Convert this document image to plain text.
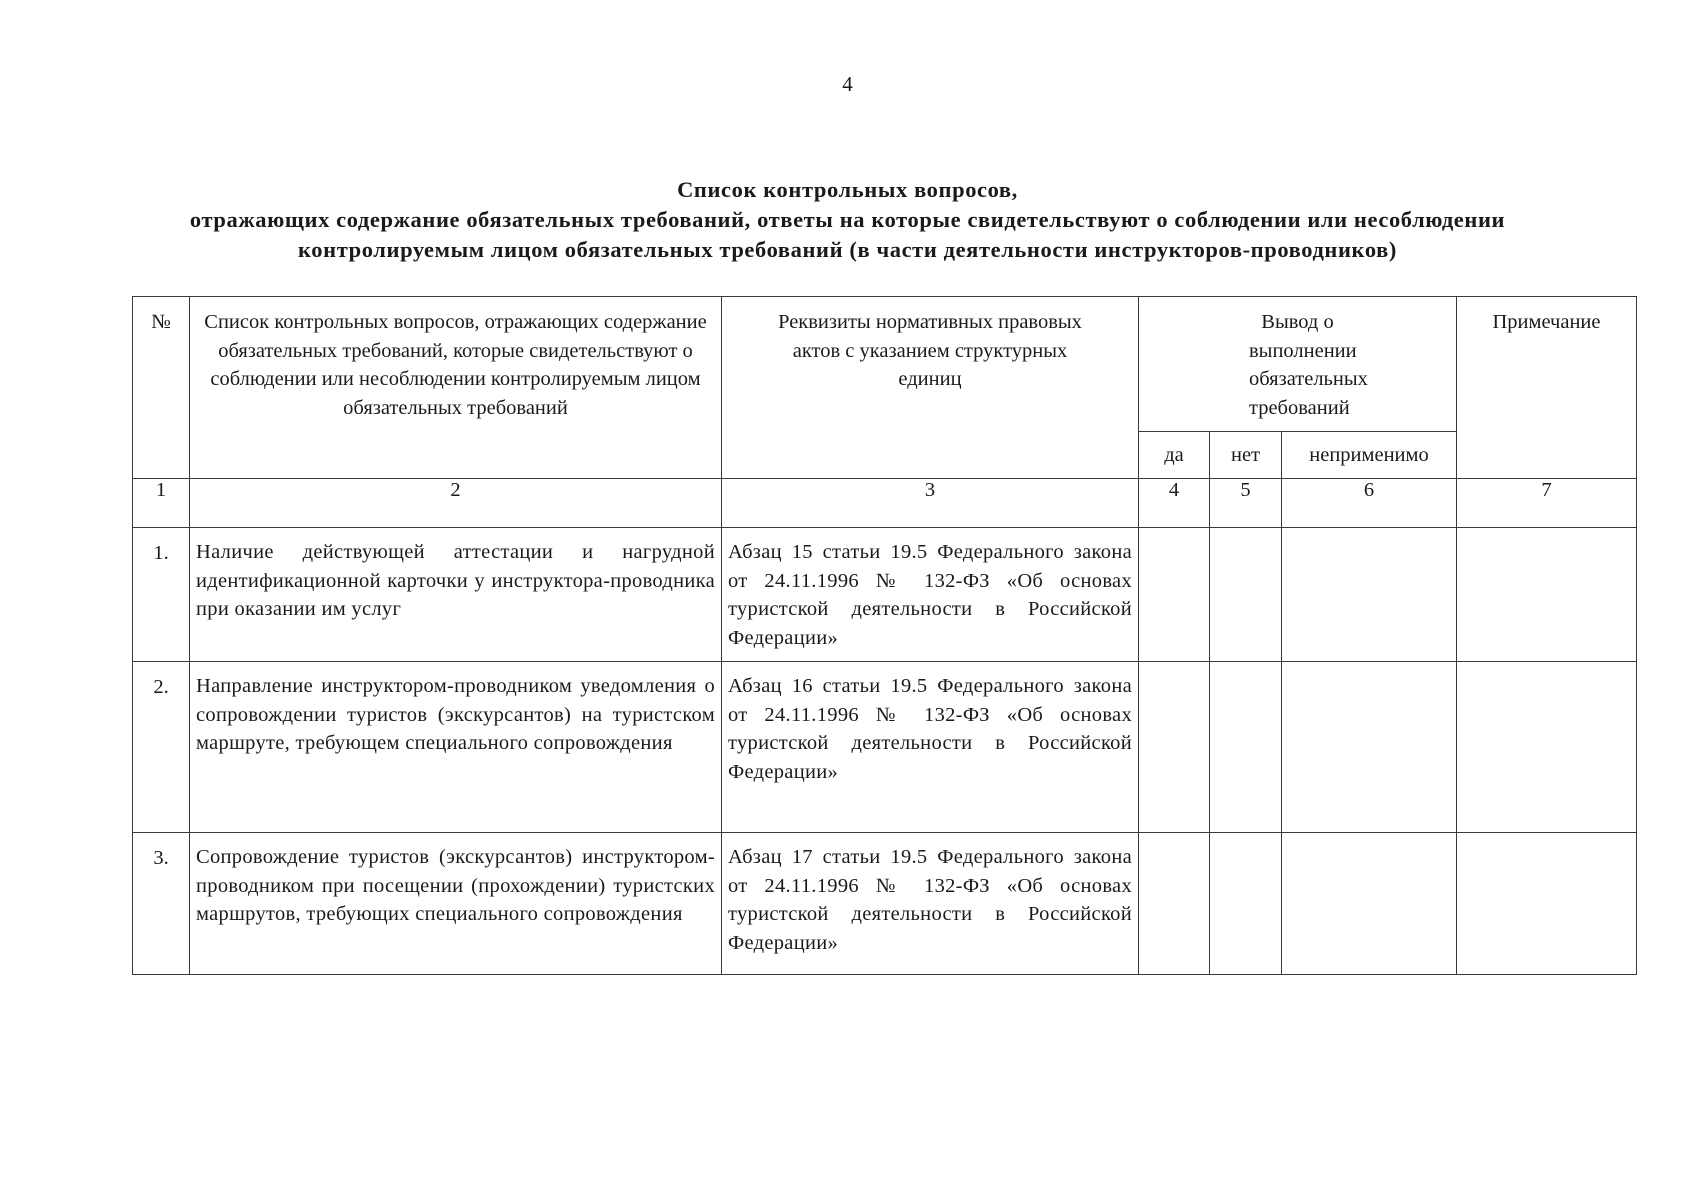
4
Список контрольных вопросов,
отражающих содержание обязательных требований, ответы на которые свидетельствуют о соблюдении или несоблюдении
контролируемым лицом обязательных требований (в части деятельности инструкторов-проводников)
№	Список контрольных вопросов, отражающих содержание обязательных требований, которые свидетельствуют о соблюдении или несоблюдении контролируемым лицом обязательных требований	Реквизиты нормативных правовых актов с указанием структурных единиц	Вывод о выполнении обязательных требований			Примечание
			да	нет	неприменимо	
1	2	3	4	5	6	7
1.	Наличие действующей аттестации и нагрудной идентификационной карточки у инструктора-проводника при оказании им услуг	Абзац 15 статьи 19.5 Федерального закона от 24.11.1996 № 132-ФЗ «Об основах туристской деятельности в Российской Федерации»				
2.	Направление инструктором-проводником уведомления о сопровождении туристов (экскурсантов) на туристском маршруте, требующем специального сопровождения	Абзац 16 статьи 19.5 Федерального закона от 24.11.1996 № 132-ФЗ «Об основах туристской деятельности в Российской Федерации»				
3.	Сопровождение туристов (экскурсантов) инструктором-проводником при посещении (прохождении) туристских маршрутов, требующих специального сопровождения	Абзац 17 статьи 19.5 Федерального закона от 24.11.1996 № 132-ФЗ «Об основах туристской деятельности в Российской Федерации»				
